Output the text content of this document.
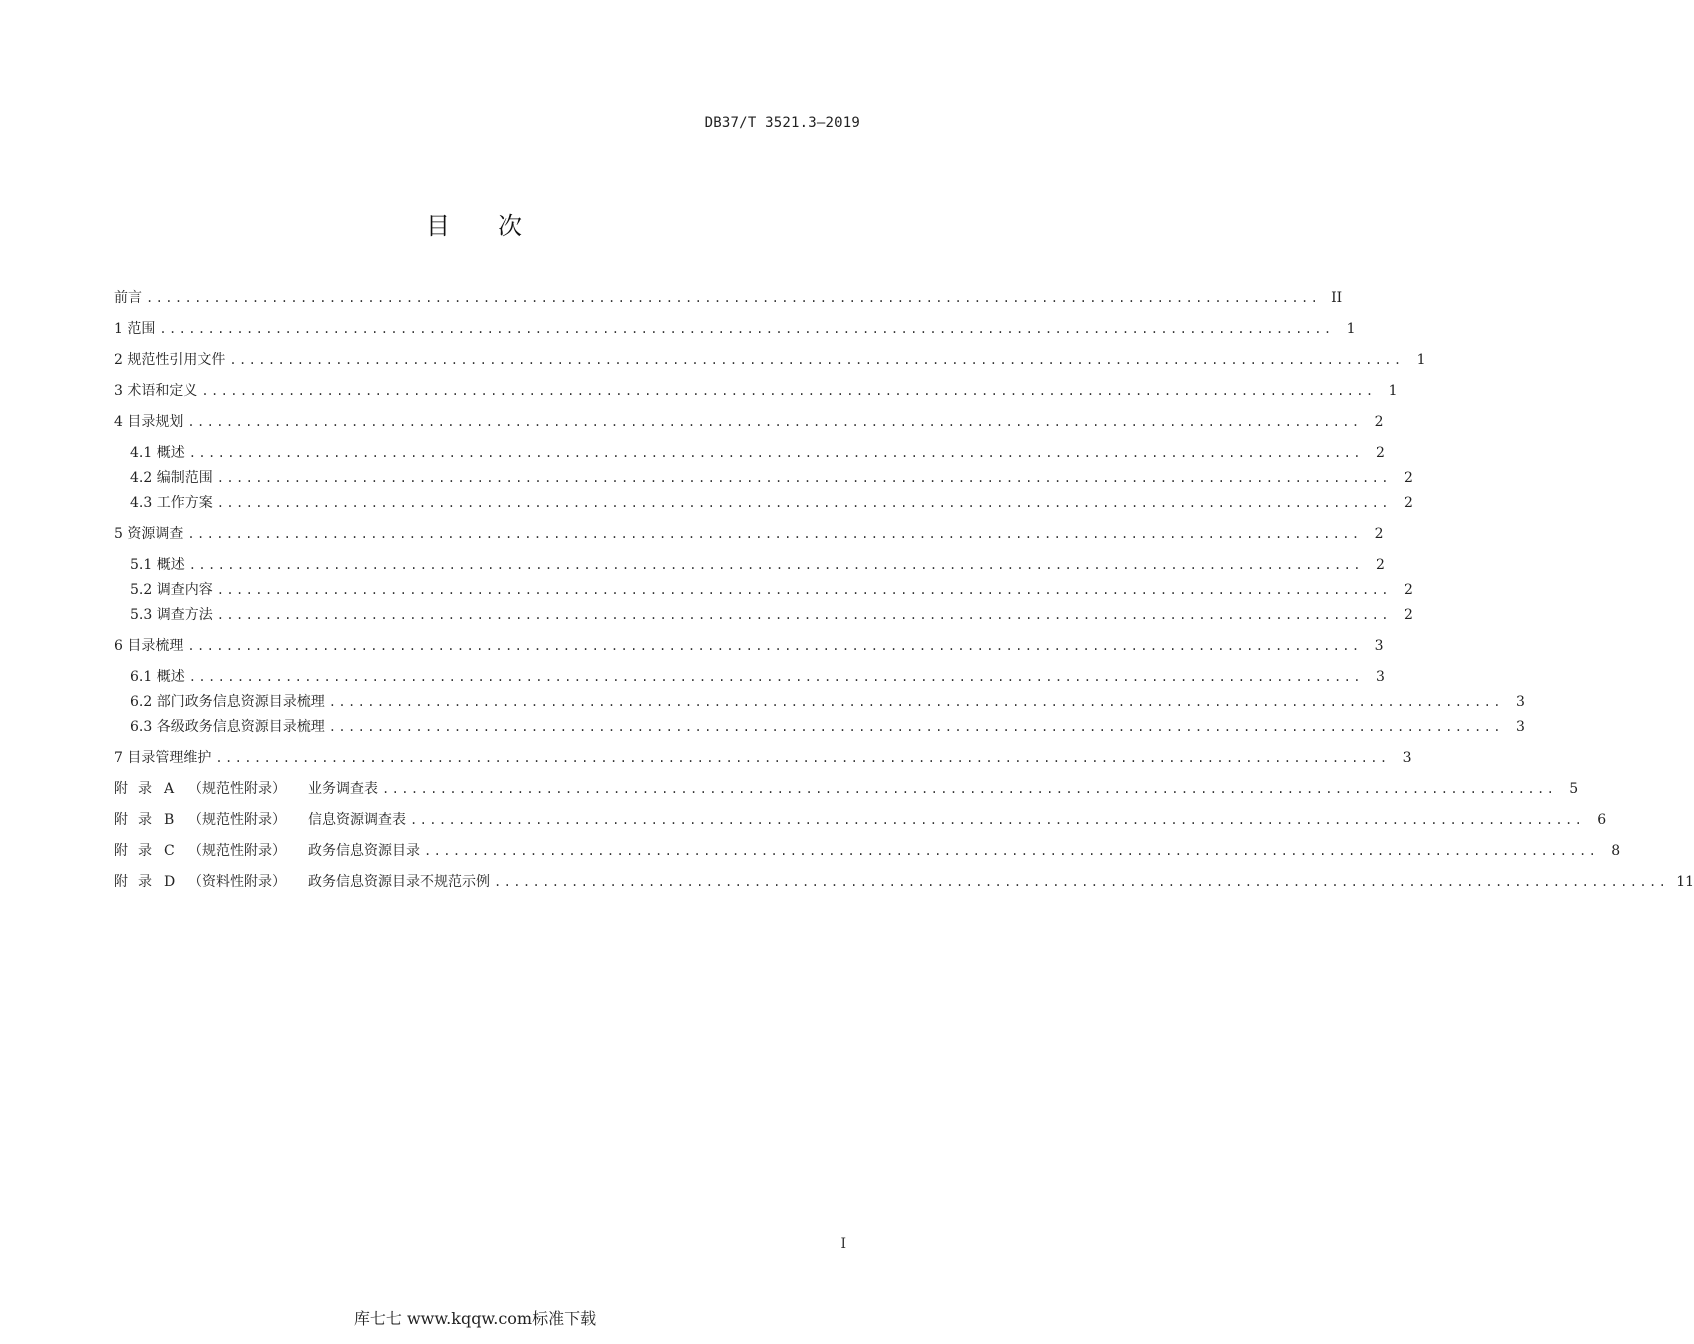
DB37/T 3521.3—2019
目 次
前言 .......................................................................................................................... II
1 范围 .......................................................................................................................... 1
2 规范性引用文件 .......................................................................................................................... 1
3 术语和定义 .......................................................................................................................... 1
4 目录规划 .......................................................................................................................... 2
4.1 概述 .......................................................................................................................... 2
4.2 编制范围 .......................................................................................................................... 2
4.3 工作方案 .......................................................................................................................... 2
5 资源调查 .......................................................................................................................... 2
5.1 概述 .......................................................................................................................... 2
5.2 调查内容 .......................................................................................................................... 2
5.3 调查方法 .......................................................................................................................... 2
6 目录梳理 .......................................................................................................................... 3
6.1 概述 .......................................................................................................................... 3
6.2 部门政务信息资源目录梳理 .......................................................................................................................... 3
6.3 各级政务信息资源目录梳理 .......................................................................................................................... 3
7 目录管理维护 .......................................................................................................................... 3
附 录 A （规范性附录） 业务调查表 .......................................................................................................................... 5
附 录 B （规范性附录） 信息资源调查表 .......................................................................................................................... 6
附 录 C （规范性附录） 政务信息资源目录 .......................................................................................................................... 8
附 录 D （资料性附录） 政务信息资源目录不规范示例 .......................................................................................................................... 11
I
库七七 www.kqqw.com标准下载
